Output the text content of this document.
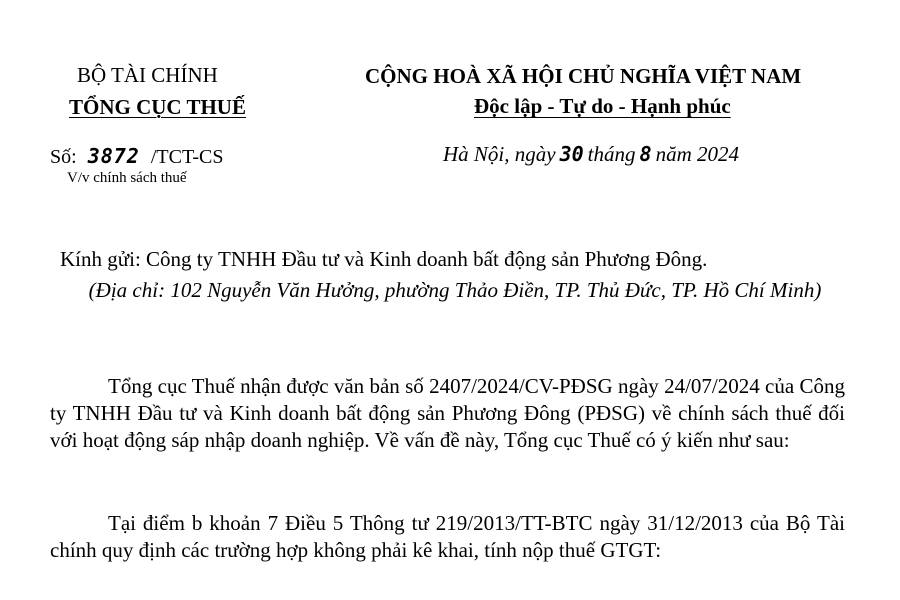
BỘ TÀI CHÍNH
TỔNG CỤC THUẾ
CỘNG HOÀ XÃ HỘI CHỦ NGHĨA VIỆT NAM
Độc lập - Tự do - Hạnh phúc
Số: 3872 /TCT-CS
V/v chính sách thuế
Hà Nội, ngày 30 tháng 8 năm 2024
Kính gửi: Công ty TNHH Đầu tư và Kinh doanh bất động sản Phương Đông.
(Địa chỉ: 102 Nguyễn Văn Hưởng, phường Thảo Điền, TP. Thủ Đức, TP. Hồ Chí Minh)

Tổng cục Thuế nhận được văn bản số 2407/2024/CV-PĐSG ngày 24/07/2024 của Công ty TNHH Đầu tư và Kinh doanh bất động sản Phương Đông (PĐSG) về chính sách thuế đối với hoạt động sáp nhập doanh nghiệp. Về vấn đề này, Tổng cục Thuế có ý kiến như sau:

Tại điểm b khoản 7 Điều 5 Thông tư 219/2013/TT-BTC ngày 31/12/2013 của Bộ Tài chính quy định các trường hợp không phải kê khai, tính nộp thuế GTGT:
